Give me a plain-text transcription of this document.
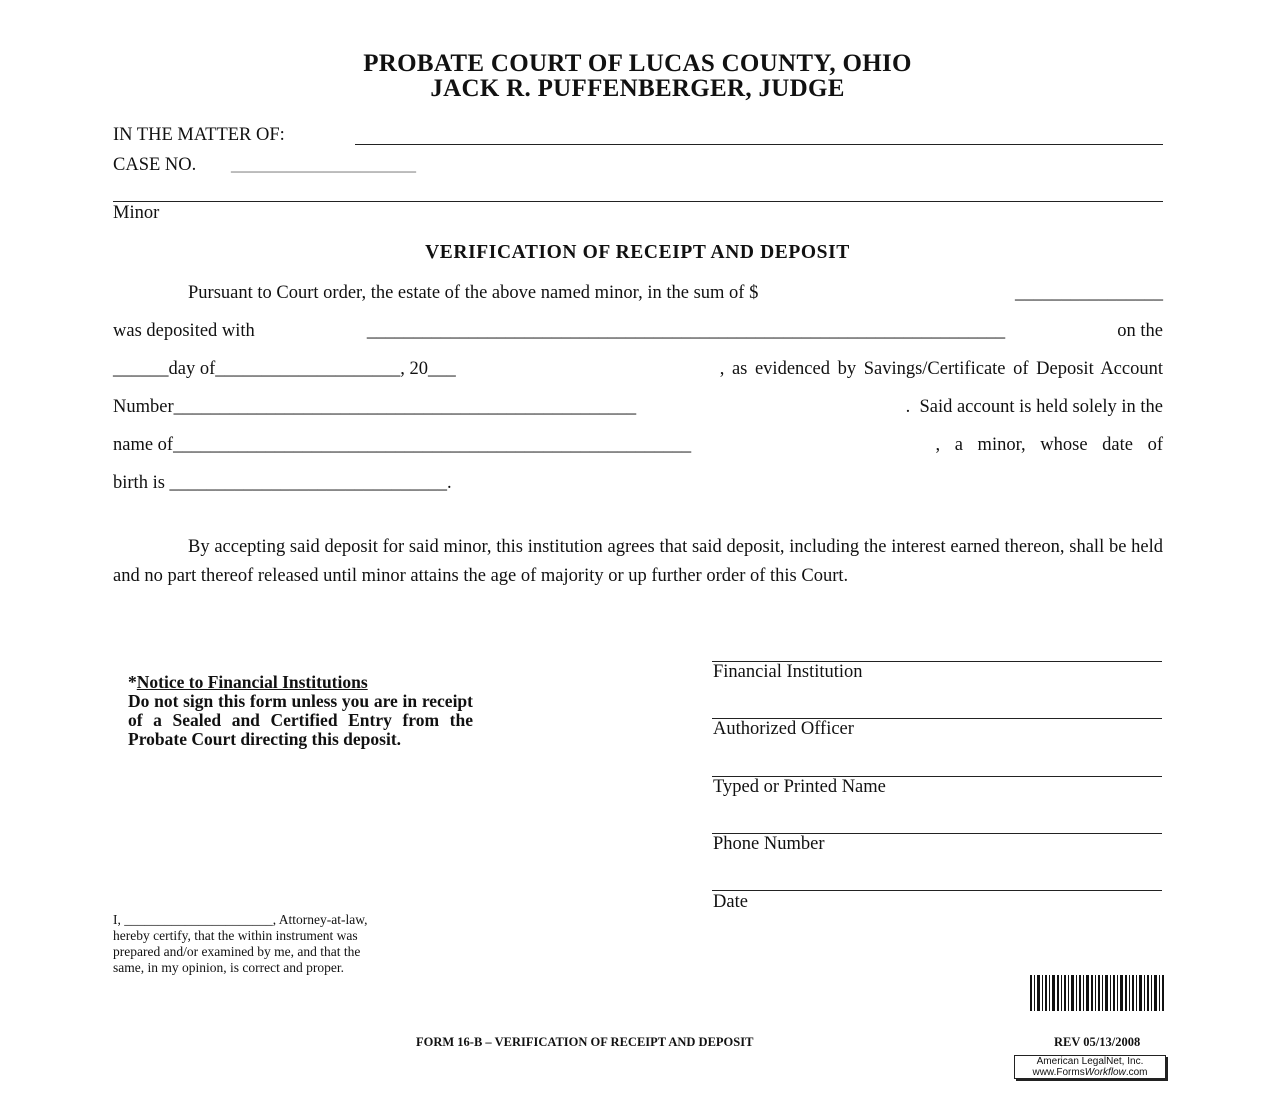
PROBATE COURT OF LUCAS COUNTY, OHIO
JACK R. PUFFENBERGER, JUDGE
IN THE MATTER OF:
CASE NO. ____________________
Minor
VERIFICATION OF RECEIPT AND DEPOSIT
Pursuant to Court order, the estate of the above named minor, in the sum of $	________________
was deposited with	_____________________________________________________________________	on the
______day of____________________, 20___	, as evidenced by Savings/Certificate of Deposit Account
Number__________________________________________________	.  Said account is held solely in the
name of________________________________________________________	, a minor, whose date of
birth is ______________________________.
By accepting said deposit for said minor, this institution agrees that said deposit, including the interest earned thereon, shall be held and no part thereof released until minor attains the age of majority or up further order of this Court.
*Notice to Financial Institutions
Do not sign this form unless you are in receipt of a Sealed and Certified Entry from the Probate Court directing this deposit.
Financial Institution
Authorized Officer
Typed or Printed Name
Phone Number
Date
I, ______________________, Attorney-at-law,
hereby certify, that the within instrument was
prepared and/or examined by me, and that the
same, in my opinion, is correct and proper.
FORM 16-B – VERIFICATION OF RECEIPT AND DEPOSIT	REV 05/13/2008
American LegalNet, Inc.
www.FormsWorkflow.com
